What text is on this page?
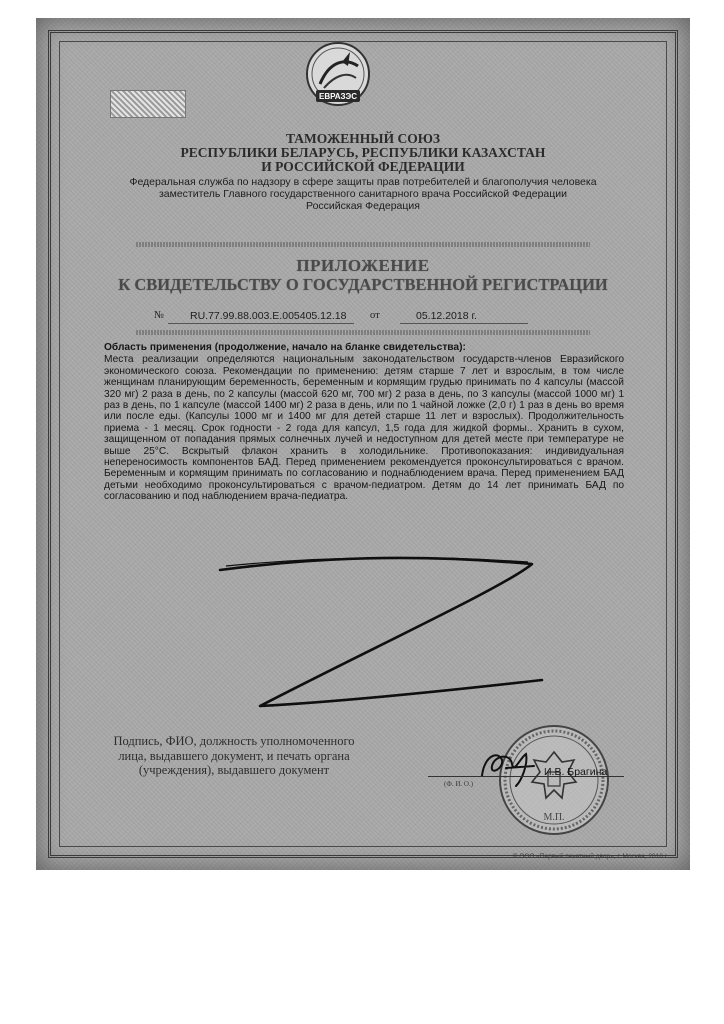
ЕВРАЗЭС
ТАМОЖЕННЫЙ СОЮЗ
РЕСПУБЛИКИ БЕЛАРУСЬ, РЕСПУБЛИКИ КАЗАХСТАН
И РОССИЙСКОЙ ФЕДЕРАЦИИ
Федеральная служба по надзору в сфере защиты прав потребителей и благополучия человека
заместитель Главного государственного санитарного врача Российской Федерации
Российская Федерация
ПРИЛОЖЕНИЕ
К СВИДЕТЕЛЬСТВУ О ГОСУДАРСТВЕННОЙ РЕГИСТРАЦИИ
№ RU.77.99.88.003.E.005405.12.18 от	05.12.2018 г.
Область применения (продолжение, начало на бланке свидетельства):
Места реализации определяются национальным законодательством государств-членов Евразийского экономического союза. Рекомендации по применению: детям старше 7 лет и взрослым, в том числе женщинам планирующим беременность, беременным и кормящим грудью принимать по 4 капсулы (массой 320 мг) 2 раза в день, по 2 капсулы (массой 620 мг, 700 мг) 2 раза в день, по 3 капсулы (массой 1000 мг) 1 раз в день, по 1 капсуле (массой 1400 мг) 2 раза в день, или по 1 чайной ложке (2,0 г) 1 раз в день во время или после еды. (Капсулы 1000 мг и 1400 мг для детей старше 11 лет и взрослых). Продолжительность приема - 1 месяц. Срок годности - 2 года для капсул, 1,5 года для жидкой формы.. Хранить в сухом, защищенном от попадания прямых солнечных лучей и недоступном для детей месте при температуре не выше 25°С. Вскрытый флакон хранить в холодильнике. Противопоказания: индивидуальная непереносимость компонентов БАД. Перед применением рекомендуется проконсультироваться с врачом. Беременным и кормящим принимать по согласованию и поднаблюдением врача. Перед применением БАД детьми необходимо проконсультироваться с врачом-педиатром. Детям до 14 лет принимать БАД по согласованию и под наблюдением врача-педиатра.
Подпись, ФИО, должность уполномоченного
лица, выдавшего документ, и печать органа
(учреждения), выдавшего документ
М.П.
(Ф. И. О.)
И.В. Брагина
© ООО «Первый печатный двор», г. Москва, 2018 г.
